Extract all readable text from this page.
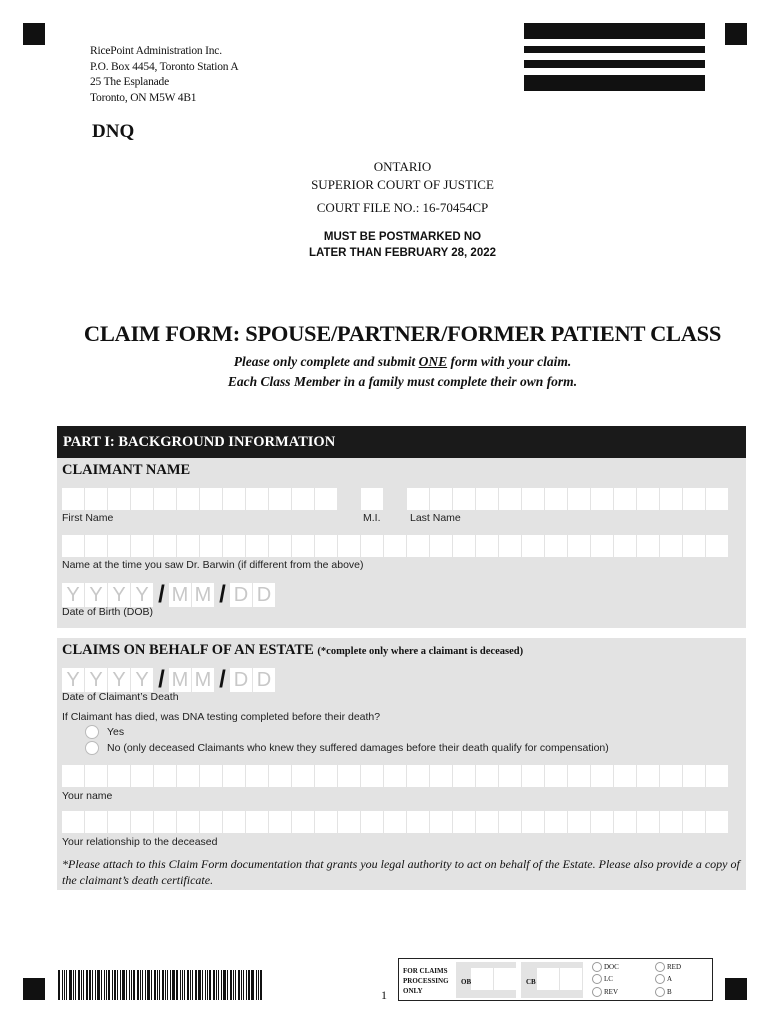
RicePoint Administration Inc.
P.O. Box 4454, Toronto Station A
25 The Esplanade
Toronto, ON M5W 4B1
DNQ
ONTARIO
SUPERIOR COURT OF JUSTICE
COURT FILE NO.: 16-70454CP
MUST BE POSTMARKED NO
LATER THAN FEBRUARY 28, 2022
CLAIM FORM: SPOUSE/PARTNER/FORMER PATIENT CLASS
Please only complete and submit ONE form with your claim.
Each Class Member in a family must complete their own form.
PART I: BACKGROUND INFORMATION
CLAIMANT NAME
First Name	M.I.	Last Name
Name at the time you saw Dr. Barwin (if different from the above)
Y Y Y Y / M M / D D
Date of Birth (DOB)
CLAIMS ON BEHALF OF AN ESTATE (*complete only where a claimant is deceased)
Y Y Y Y / M M / D D
Date of Claimant’s Death
If Claimant has died, was DNA testing completed before their death?
Yes
No (only deceased Claimants who knew they suffered damages before their death qualify for compensation)
Your name
Your relationship to the deceased
*Please attach to this Claim Form documentation that grants you legal authority to act on behalf of the Estate. Please also provide a copy of the claimant’s death certificate.
1
FOR CLAIMS
PROCESSING
ONLY
OB	CB
DOC
LC
REV
RED
A
B
